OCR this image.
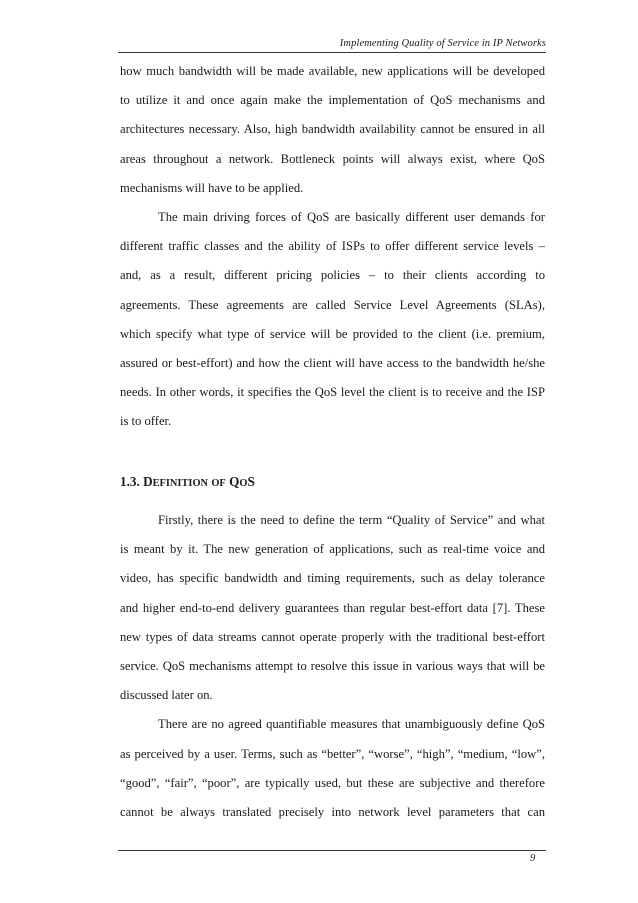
Implementing Quality of Service in IP Networks
how much bandwidth will be made available, new applications will be developed
to utilize it and once again make the implementation of QoS mechanisms and
architectures necessary. Also, high bandwidth availability cannot be ensured in all
areas throughout a network. Bottleneck points will always exist, where QoS
mechanisms will have to be applied.
The main driving forces of QoS are basically different user demands for
different traffic classes and the ability of ISPs to offer different service levels –
and, as a result, different pricing policies – to their clients according to
agreements. These agreements are called Service Level Agreements (SLAs),
which specify what type of service will be provided to the client (i.e. premium,
assured or best-effort) and how the client will have access to the bandwidth he/she
needs. In other words, it specifies the QoS level the client is to receive and the ISP
is to offer.
1.3. DEFINITION OF QOS
Firstly, there is the need to define the term “Quality of Service” and what
is meant by it. The new generation of applications, such as real-time voice and
video, has specific bandwidth and timing requirements, such as delay tolerance
and higher end-to-end delivery guarantees than regular best-effort data [7]. These
new types of data streams cannot operate properly with the traditional best-effort
service. QoS mechanisms attempt to resolve this issue in various ways that will be
discussed later on.
There are no agreed quantifiable measures that unambiguously define QoS
as perceived by a user. Terms, such as “better”, “worse”, “high”, “medium, “low”,
“good”, “fair”, “poor”, are typically used, but these are subjective and therefore
cannot be always translated precisely into network level parameters that can
9
